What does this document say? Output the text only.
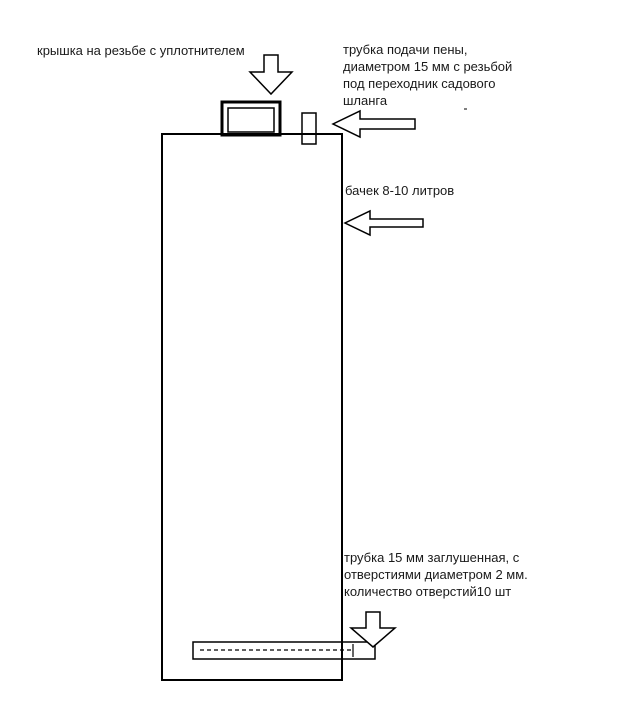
крышка на резьбе с уплотнителем	трубка подачи пены,
диаметром 15 мм с резьбой
под переходник садового
шланга
бачек 8-10 литров
трубка 15 мм заглушенная, с
отверстиями диаметром 2 мм.
количество отверстий10 шт
